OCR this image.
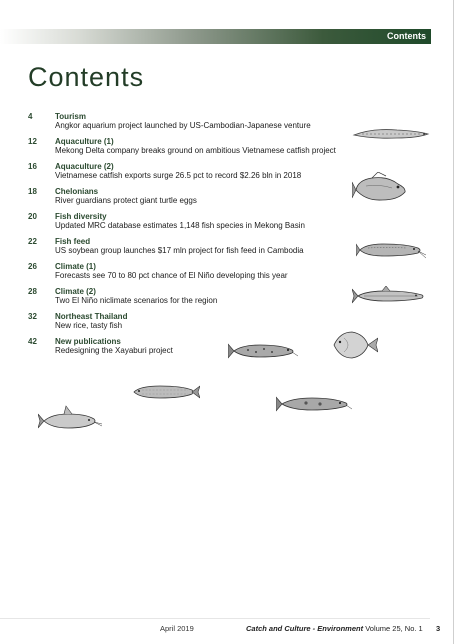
Contents
Contents
4	Tourism
Angkor aquarium project launched by US-Cambodian-Japanese venture
12 Aquaculture (1)
Mekong Delta company breaks ground on ambitious Vietnamese catfish project
16 Aquaculture (2)
Vietnamese catfish exports surge 26.5 pct to record $2.26 bln in 2018
18 Chelonians
River guardians protect giant turtle eggs
20 Fish diversity
Updated MRC database estimates 1,148 fish species in Mekong Basin
22 Fish feed
US soybean group launches $17 mln project for fish feed in Cambodia
26 Climate (1)
Forecasts see 70 to 80 pct chance of El Niño developing this year
28 Climate (2)
Two El Niño niclimate scenarios for the region
32 Northeast Thailand
New rice, tasty fish
42 New publications
Redesigning the Xayaburi project
April 2019	Catch and Culture - Environment Volume 25, No. 1 3
